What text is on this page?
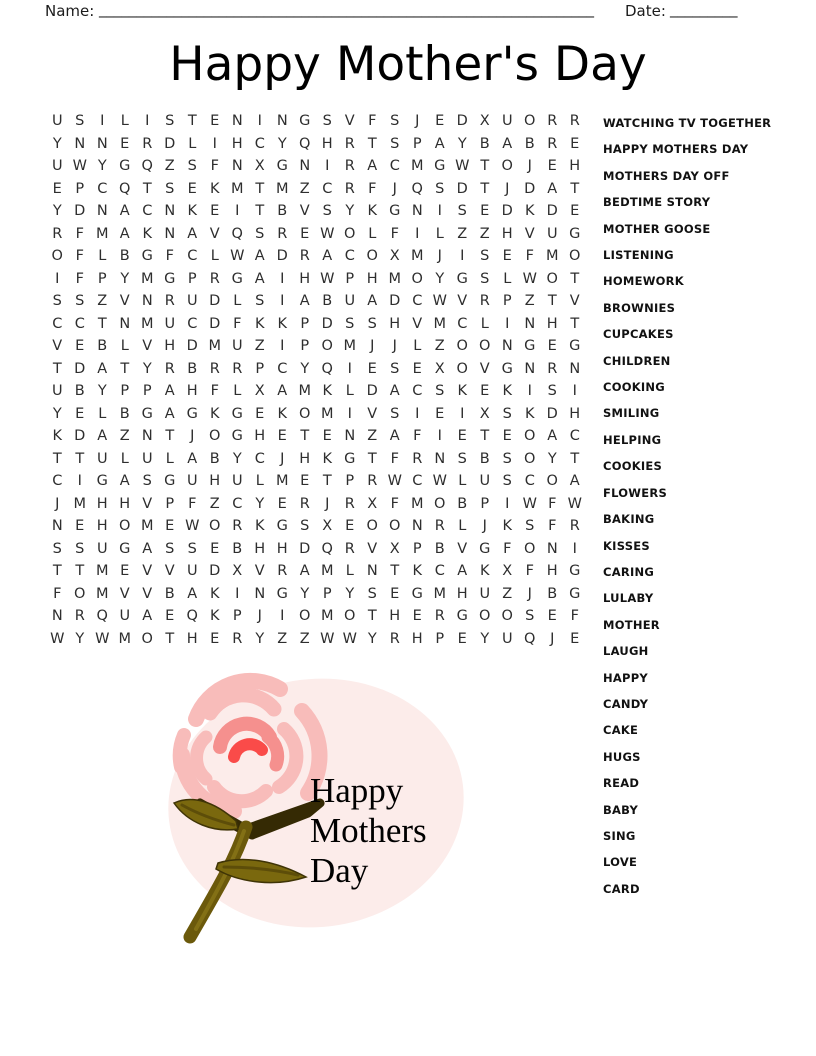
Name: __________________________________________________________________ Date: _________
Happy Mother's Day
U S	I	L	I	S T E N	I	N G S V F S	J	E D X U O R R
Y N N E R D L	I	H C Y Q H R T S P A Y B A B R E
U W Y G Q Z S F N X G N	I	R A C M G W T O	J	E H
E P C Q T S E K M T M Z C R F	J	Q S D T	J	D A T
Y D N A C N K E	I	T B V S Y K G N	I	S E D K D E
R F M A K N A V Q S R E W O L F	I	L Z Z H V U G
O F L B G F C L W A D R A C O X M J	I	S E F M O
I	F P Y M G P R G A	I	H W P H M O Y G S L W O T
S S Z V N R U D L S	I	A B U A D C W V R P Z T V
C C T N M U C D F K K P D S S H V M C L	I	N H T
V E B L V H D M U Z	I	P O M J	J	L Z O O N G E G
T D A T Y R B R R P C Y Q	I	E S E X O V G N R N
U B Y P P A H F L X A M K L D A C S K E K	I	S	I
Y E L B G A G K G E K O M I	V S	I	E	I	X S K D H
K D A Z N T	J	O G H E T E N Z A F	I	E T E O A C
T T U L U L A B Y C	J	H K G T F R N S B S O Y T
C	I	G A S G U H U L M E T P R W C W L U S C O A
J M H H V P F Z C Y E R	J	R X F M O B P	I W F W
N E H O M E W O R K G S X E O O N R L	J	K S F R
S S U G A S S E B H H D Q R V X P B V G F O N	I
T T M E V V U D X V R A M L N T K C A K X F H G
F O M V V B A K	I	N G Y P Y S E G M H U Z	J	B G
N R Q U A E Q K P	J	I	O M O T H E R G O O S E F
W Y W M O T H E R Y Z Z W W Y R H P E Y U Q	J	E
WATCHING TV TOGETHER
HAPPY MOTHERS DAY
MOTHERS DAY OFF
BEDTIME STORY
MOTHER GOOSE
LISTENING
HOMEWORK
BROWNIES
CUPCAKES
CHILDREN
COOKING
SMILING
HELPING
COOKIES
FLOWERS
BAKING
KISSES
CARING
LULABY
MOTHER
LAUGH
HAPPY
CANDY
CAKE
HUGS
READ
BABY
SING
LOVE
CARD
Happy
Mothers
Day
